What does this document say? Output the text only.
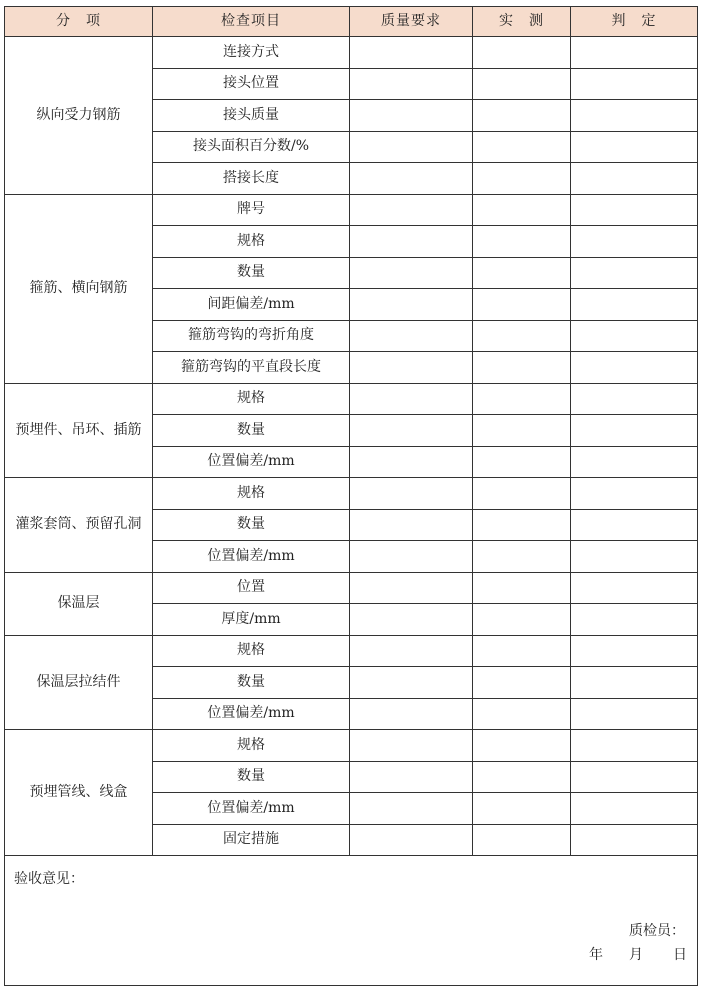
分　项	检查项目	质量要求	实　测	判　定
纵向受力钢筋	连接方式			
	接头位置			
	接头质量			
	接头面积百分数/%			
	搭接长度			
箍筋、横向钢筋	牌号			
	规格			
	数量			
	间距偏差/mm			
	箍筋弯钩的弯折角度			
	箍筋弯钩的平直段长度			
预埋件、吊环、插筋	规格			
	数量			
	位置偏差/mm			
灌浆套筒、预留孔洞	规格			
	数量			
	位置偏差/mm			
保温层	位置			
	厚度/mm			
保温层拉结件	规格			
	数量			
	位置偏差/mm			
预埋管线、线盒	规格			
	数量			
	位置偏差/mm			
	固定措施			

验收意见：
质检员：
年 月 日				
